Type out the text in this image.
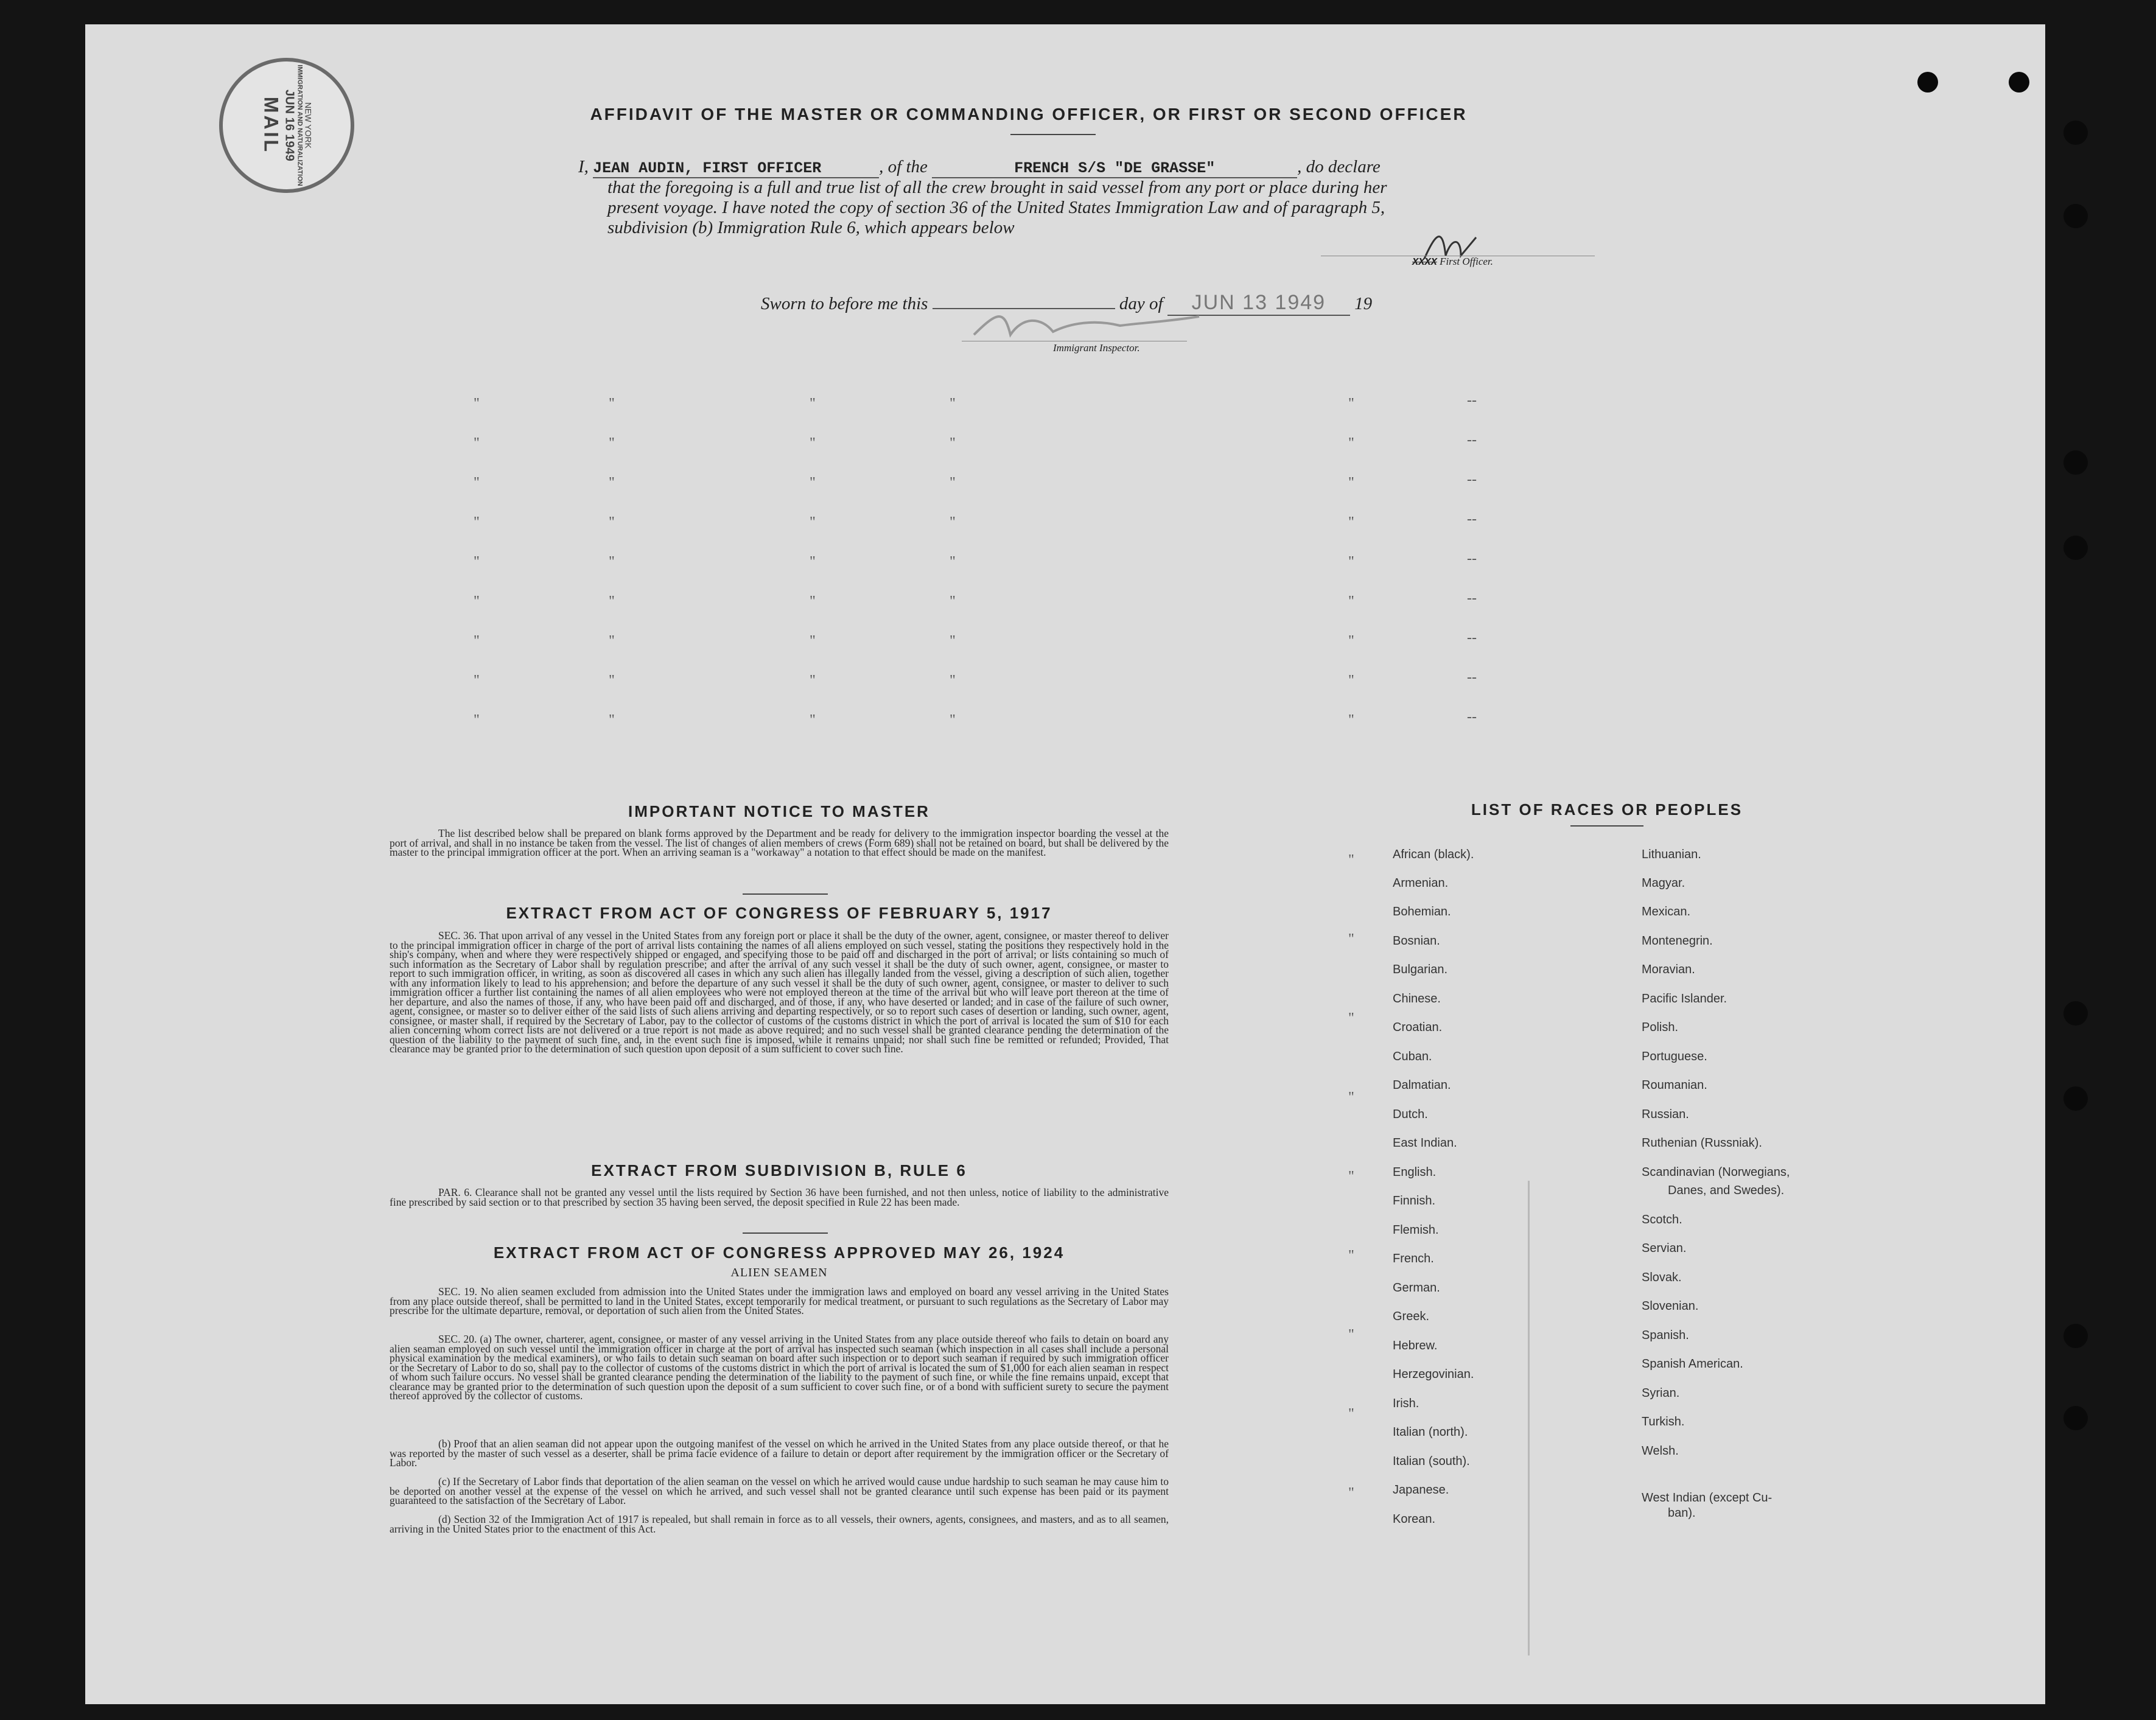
NEW YORK
IMMIGRATION AND NATURALIZATION
JUN 16 1949
MAIL	AFFIDAVIT OF THE MASTER OR COMMANDING OFFICER, OR FIRST OR SECOND OFFICER
I, JEAN AUDIN, FIRST OFFICER	, of the	FRENCH S/S "DE GRASSE"	, do declare
that the foregoing is a full and true list of all the crew brought in said vessel from any port or place during her
present voyage. I have noted the copy of section 36 of the United States Immigration Law and of paragraph 5,
subdivision (b) Immigration Rule 6, which appears below
XXXX First Officer.
Sworn to before me this	day of JUN 13 1949 19
Immigrant Inspector.
"	"	"	"	"	--
"	"	"	"	"	--
"	"	"	"	"	--
"	"	"	"	"	--
"	"	"	"	"	--
"	"	"	"	"	--
"	"	"	"	"	--
"	"	"	"	"	--
"	"	"	"	"	--
"
"
"
"
"
"
"
"
"
IMPORTANT NOTICE TO MASTER
The list described below shall be prepared on blank forms approved by the Department and be ready for delivery to the immigration inspector boarding the vessel at the port of arrival, and shall in no instance be taken from the vessel. The list of changes of alien members of crews (Form 689) shall not be retained on board, but shall be delivered by the master to the principal immigration officer at the port. When an arriving seaman is a "workaway" a notation to that effect should be made on the manifest.
EXTRACT FROM ACT OF CONGRESS OF FEBRUARY 5, 1917
SEC. 36. That upon arrival of any vessel in the United States from any foreign port or place it shall be the duty of the owner, agent, consignee, or master thereof to deliver to the principal immigration officer in charge of the port of arrival lists containing the names of all aliens employed on such vessel, stating the positions they respectively hold in the ship's company, when and where they were respectively shipped or engaged, and specifying those to be paid off and discharged in the port of arrival; or lists containing so much of such information as the Secretary of Labor shall by regulation prescribe; and after the arrival of any such vessel it shall be the duty of such owner, agent, consignee, or master to report to such immigration officer, in writing, as soon as discovered all cases in which any such alien has illegally landed from the vessel, giving a description of such alien, together with any information likely to lead to his apprehension; and before the departure of any such vessel it shall be the duty of such owner, agent, consignee, or master to deliver to such immigration officer a further list containing the names of all alien employees who were not employed thereon at the time of the arrival but who will leave port thereon at the time of her departure, and also the names of those, if any, who have been paid off and discharged, and of those, if any, who have deserted or landed; and in case of the failure of such owner, agent, consignee, or master so to deliver either of the said lists of such aliens arriving and departing respectively, or so to report such cases of desertion or landing, such owner, agent, consignee, or master shall, if required by the Secretary of Labor, pay to the collector of customs of the customs district in which the port of arrival is located the sum of $10 for each alien concerning whom correct lists are not delivered or a true report is not made as above required; and no such vessel shall be granted clearance pending the determination of the question of the liability to the payment of such fine, and, in the event such fine is imposed, while it remains unpaid; nor shall such fine be remitted or refunded; Provided, That clearance may be granted prior to the determination of such question upon deposit of a sum sufficient to cover such fine.
EXTRACT FROM SUBDIVISION B, RULE 6
PAR. 6. Clearance shall not be granted any vessel until the lists required by Section 36 have been furnished, and not then unless, notice of liability to the administrative fine prescribed by said section or to that prescribed by section 35 having been served, the deposit specified in Rule 22 has been made.
EXTRACT FROM ACT OF CONGRESS APPROVED MAY 26, 1924
ALIEN SEAMEN
SEC. 19. No alien seamen excluded from admission into the United States under the immigration laws and employed on board any vessel arriving in the United States from any place outside thereof, shall be permitted to land in the United States, except temporarily for medical treatment, or pursuant to such regulations as the Secretary of Labor may prescribe for the ultimate departure, removal, or deportation of such alien from the United States.
SEC. 20. (a) The owner, charterer, agent, consignee, or master of any vessel arriving in the United States from any place outside thereof who fails to detain on board any alien seaman employed on such vessel until the immigration officer in charge at the port of arrival has inspected such seaman (which inspection in all cases shall include a personal physical examination by the medical examiners), or who fails to detain such seaman on board after such inspection or to deport such seaman if required by such immigration officer or the Secretary of Labor to do so, shall pay to the collector of customs of the customs district in which the port of arrival is located the sum of $1,000 for each alien seaman in respect of whom such failure occurs. No vessel shall be granted clearance pending the determination of the liability to the payment of such fine, or while the fine remains unpaid, except that clearance may be granted prior to the determination of such question upon the deposit of a sum sufficient to cover such fine, or of a bond with sufficient surety to secure the payment thereof approved by the collector of customs.
(b) Proof that an alien seaman did not appear upon the outgoing manifest of the vessel on which he arrived in the United States from any place outside thereof, or that he was reported by the master of such vessel as a deserter, shall be prima facie evidence of a failure to detain or deport after requirement by the immigration officer or the Secretary of Labor.
(c) If the Secretary of Labor finds that deportation of the alien seaman on the vessel on which he arrived would cause undue hardship to such seaman he may cause him to be deported on another vessel at the expense of the vessel on which he arrived, and such vessel shall not be granted clearance until such expense has been paid or its payment guaranteed to the satisfaction of the Secretary of Labor.
(d) Section 32 of the Immigration Act of 1917 is repealed, but shall remain in force as to all vessels, their owners, agents, consignees, and masters, and as to all seamen, arriving in the United States prior to the enactment of this Act.
LIST OF RACES OR PEOPLES
African (black).
Armenian.
Bohemian.
Bosnian.
Bulgarian.
Chinese.
Croatian.
Cuban.
Dalmatian.
Dutch.
East Indian.
English.
Finnish.
Flemish.
French.
German.
Greek.
Hebrew.
Herzegovinian.
Irish.
Italian (north).
Italian (south).
Japanese.
Korean.
Lithuanian.
Magyar.
Mexican.
Montenegrin.
Moravian.
Pacific Islander.
Polish.
Portuguese.
Roumanian.
Russian.
Ruthenian (Russniak).
Scandinavian (Norwegians,
Danes, and Swedes).
Scotch.
Servian.
Slovak.
Slovenian.
Spanish.
Spanish American.
Syrian.
Turkish.
Welsh.
West Indian (except Cu-
ban).
